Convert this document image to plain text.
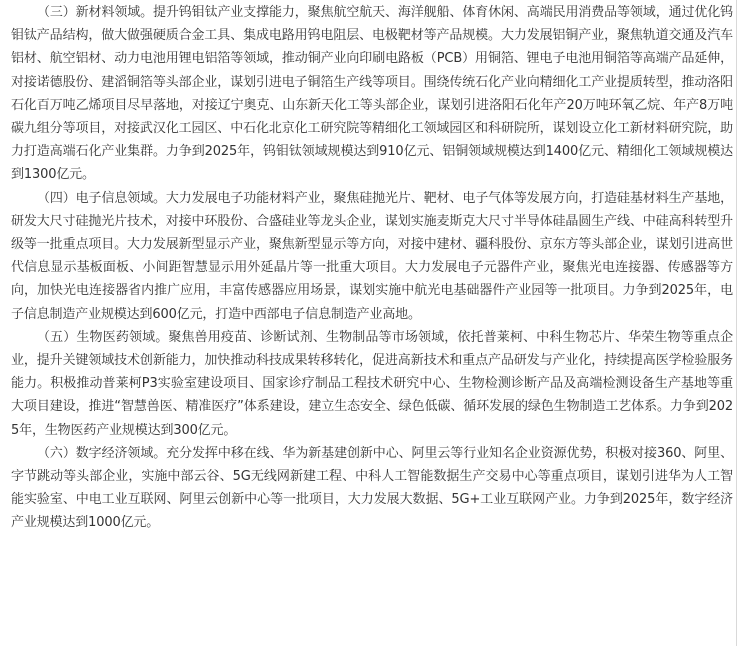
（三）新材料领域。提升钨钼钛产业支撑能力，聚焦航空航天、海洋舰船、体育休闲、高端民用消费品等领域，通过优化钨钼钛产品结构，做大做强硬质合金工具、集成电路用钨电阻层、电极靶材等产品规模。大力发展铝铜产业，聚焦轨道交通及汽车铝材、航空铝材、动力电池用锂电铝箔等领域，推动铜产业向印刷电路板（PCB）用铜箔、锂电子电池用铜箔等高端产品延伸，对接诺德股份、建滔铜箔等头部企业，谋划引进电子铜箔生产线等项目。围绕传统石化产业向精细化工产业提质转型，推动洛阳石化百万吨乙烯项目尽早落地，对接辽宁奥克、山东新天化工等头部企业，谋划引进洛阳石化年产20万吨环氧乙烷、年产8万吨碳九组分等项目，对接武汉化工园区、中石化北京化工研究院等精细化工领域园区和科研院所，谋划设立化工新材料研究院，助力打造高端石化产业集群。力争到2025年，钨钼钛领域规模达到910亿元、铝铜领域规模达到1400亿元、精细化工领域规模达到1300亿元。

（四）电子信息领域。大力发展电子功能材料产业，聚焦硅抛光片、靶材、电子气体等发展方向，打造硅基材料生产基地，研发大尺寸硅抛光片技术，对接中环股份、合盛硅业等龙头企业，谋划实施麦斯克大尺寸半导体硅晶圆生产线、中硅高科转型升级等一批重点项目。大力发展新型显示产业，聚焦新型显示等方向，对接中建材、疆科股份、京东方等头部企业，谋划引进高世代信息显示基板面板、小间距智慧显示用外延晶片等一批重大项目。大力发展电子元器件产业，聚焦光电连接器、传感器等方向，加快光电连接器省内推广应用，丰富传感器应用场景，谋划实施中航光电基础器件产业园等一批项目。力争到2025年，电子信息制造产业规模达到600亿元，打造中西部电子信息制造产业高地。

（五）生物医药领域。聚焦兽用疫苗、诊断试剂、生物制品等市场领域，依托普莱柯、中科生物芯片、华荣生物等重点企业，提升关键领域技术创新能力，加快推动科技成果转移转化，促进高新技术和重点产品研发与产业化，持续提高医学检验服务能力。积极推动普莱柯P3实验室建设项目、国家诊疗制品工程技术研究中心、生物检测诊断产品及高端检测设备生产基地等重大项目建设，推进“智慧兽医、精准医疗”体系建设，建立生态安全、绿色低碳、循环发展的绿色生物制造工艺体系。力争到2025年，生物医药产业规模达到300亿元。

（六）数字经济领域。充分发挥中移在线、华为新基建创新中心、阿里云等行业知名企业资源优势，积极对接360、阿里、字节跳动等头部企业，实施中部云谷、5G无线网新建工程、中科人工智能数据生产交易中心等重点项目，谋划引进华为人工智能实验室、中电工业互联网、阿里云创新中心等一批项目，大力发展大数据、5G+工业互联网产业。力争到2025年，数字经济产业规模达到1000亿元。
